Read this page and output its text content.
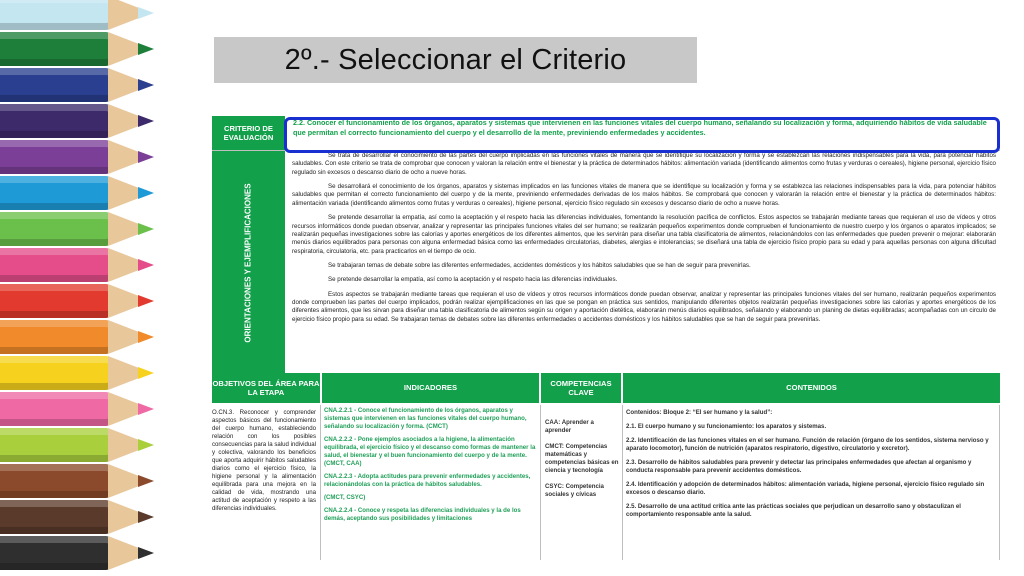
2º.- Seleccionar el Criterio
CRITERIO DE EVALUACIÓN
2.2. Conocer el funcionamiento de los órganos, aparatos y sistemas que intervienen en las funciones vitales del cuerpo humano, señalando su localización y forma, adquiriendo hábitos de vida saludable que permitan el correcto funcionamiento del cuerpo y el desarrollo de la mente, previniendo enfermedades y accidentes.
ORIENTACIONES Y EJEMPLIFICACIONES

Se trata de desarrollar el conocimiento de las partes del cuerpo implicadas en las funciones vitales de manera que se identifique su localización y forma y se establezcan las relaciones indispensables para la vida, para potenciar hábitos saludables. Con este criterio se trata de comprobar que conocen y valoran la relación entre el bienestar y la práctica de determinados hábitos: alimentación variada (identificando alimentos como frutas y verduras o cereales), higiene personal, ejercicio físico regulado sin excesos o descanso diario de ocho a nueve horas.

Se desarrollará el conocimiento de los órganos, aparatos y sistemas implicados en las funciones vitales de manera que se identifique su localización y forma y se establezca las relaciones indispensables para la vida, para potenciar hábitos saludables que permitan el correcto funcionamiento del cuerpo y de la mente, previniendo enfermedades derivadas de los malos hábitos. Se comprobará que conocen y valorarán la relación entre el bienestar y la práctica de determinados hábitos: alimentación variada (identificando alimentos como frutas y verduras o cereales), higiene personal, ejercicio físico regulado sin excesos y descanso diario de ocho a nueve horas.

Se pretende desarrollar la empatía, así como la aceptación y el respeto hacia las diferencias individuales, fomentando la resolución pacífica de conflictos. Estos aspectos se trabajarán mediante tareas que requieran el uso de vídeos y otros recursos informáticos donde puedan observar, analizar y representar las principales funciones vitales del ser humano; se realizarán pequeños experimentos donde comprueben el funcionamiento de nuestro cuerpo y los órganos o aparatos implicados; se realizarán pequeñas investigaciones sobre las calorías y aportes energéticos de los diferentes alimentos, que les servirán para diseñar una tabla clasificatoria de alimentos, relacionándolos con las enfermedades que pueden prevenir o mejorar: elaborarán menús diarios equilibrados para personas con alguna enfermedad básica como las enfermedades circulatorias, diabetes, alergias e intolerancias; se diseñará una tabla de ejercicio físico propio para su edad y para aquellas personas con alguna dificultad respiratoria, circulatoria, etc. para practicarlos en el tiempo de ocio.

Se trabajaran temas de debate sobre las diferentes enfermedades, accidentes domésticos y los hábitos saludables que se han de seguir para prevenirlas.

Se pretende desarrollar la empatía, así como la aceptación y el respeto hacia las diferencias individuales.

Estos aspectos se trabajarán mediante tareas que requieran el uso de vídeos y otros recursos informáticos donde puedan observar, analizar y representar las principales funciones vitales del ser humano, realizarán pequeños experimentos donde comprueben las partes del cuerpo implicados, podrán realizar ejemplificaciones en las que se pongan en práctica sus sentidos, manipulando diferentes objetos realizarán pequeñas investigaciones sobre las calorías y aportes energéticos de los diferentes alimentos, que les sirvan para diseñar una tabla clasificatoria de alimentos según su origen y aportación dietética, elaborarán menús diarios equilibrados, señalando y elaborando un planing de dietas equilibradas; acompañadas con un circulo de ejercicio físico propio para su edad. Se trabajaran temas de debates sobre las diferentes enfermedades o accidentes domésticos y los hábitos saludables que se han de seguir para prevenirlas.

OBJETIVOS DEL ÁREA PARA LA ETAPA
INDICADORES
COMPETENCIAS CLAVE
CONTENIDOS
O.CN.3. Reconocer y comprender aspectos básicos del funcionamiento del cuerpo humano, estableciendo relación con los posibles consecuencias para la salud individual y colectiva, valorando los beneficios que aporta adquirir hábitos saludables diarios como el ejercicio físico, la higiene personal y la alimentación equilibrada para una mejora en la calidad de vida, mostrando una actitud de aceptación y respeto a las diferencias individuales.

CNA.2.2.1 - Conoce el funcionamiento de los órganos, aparatos y sistemas que intervienen en las funciones vitales del cuerpo humano, señalando su localización y forma. (CMCT)

CNA.2.2.2 - Pone ejemplos asociados a la higiene, la alimentación equilibrada, el ejercicio físico y el descanso como formas de mantener la salud, el bienestar y el buen funcionamiento del cuerpo y de la mente. (CMCT, CAA)

CNA.2.2.3 - Adopta actitudes para prevenir enfermedades y accidentes, relacionándolas con la práctica de hábitos saludables.

(CMCT, CSYC)

CNA.2.2.4 - Conoce y respeta las diferencias individuales y la de los demás, aceptando sus posibilidades y limitaciones

CAA: Aprender a aprender

CMCT: Competencias matemáticas y competencias básicas en ciencia y tecnología

CSYC: Competencia sociales y cívicas

Contenidos: Bloque 2: “El ser humano y la salud”:

2.1. El cuerpo humano y su funcionamiento: los aparatos y sistemas.

2.2. Identificación de las funciones vitales en el ser humano. Función de relación (órgano de los sentidos, sistema nervioso y aparato locomotor), función de nutrición (aparatos respiratorio, digestivo, circulatorio y excretor).

2.3. Desarrollo de hábitos saludables para prevenir y detectar las principales enfermedades que afectan al organismo y conducta responsable para prevenir accidentes domésticos.

2.4. Identificación y adopción de determinados hábitos: alimentación variada, higiene personal, ejercicio físico regulado sin excesos o descanso diario.

2.5. Desarrollo de una actitud crítica ante las prácticas sociales que perjudican un desarrollo sano y obstaculizan el comportamiento responsable ante la salud.
